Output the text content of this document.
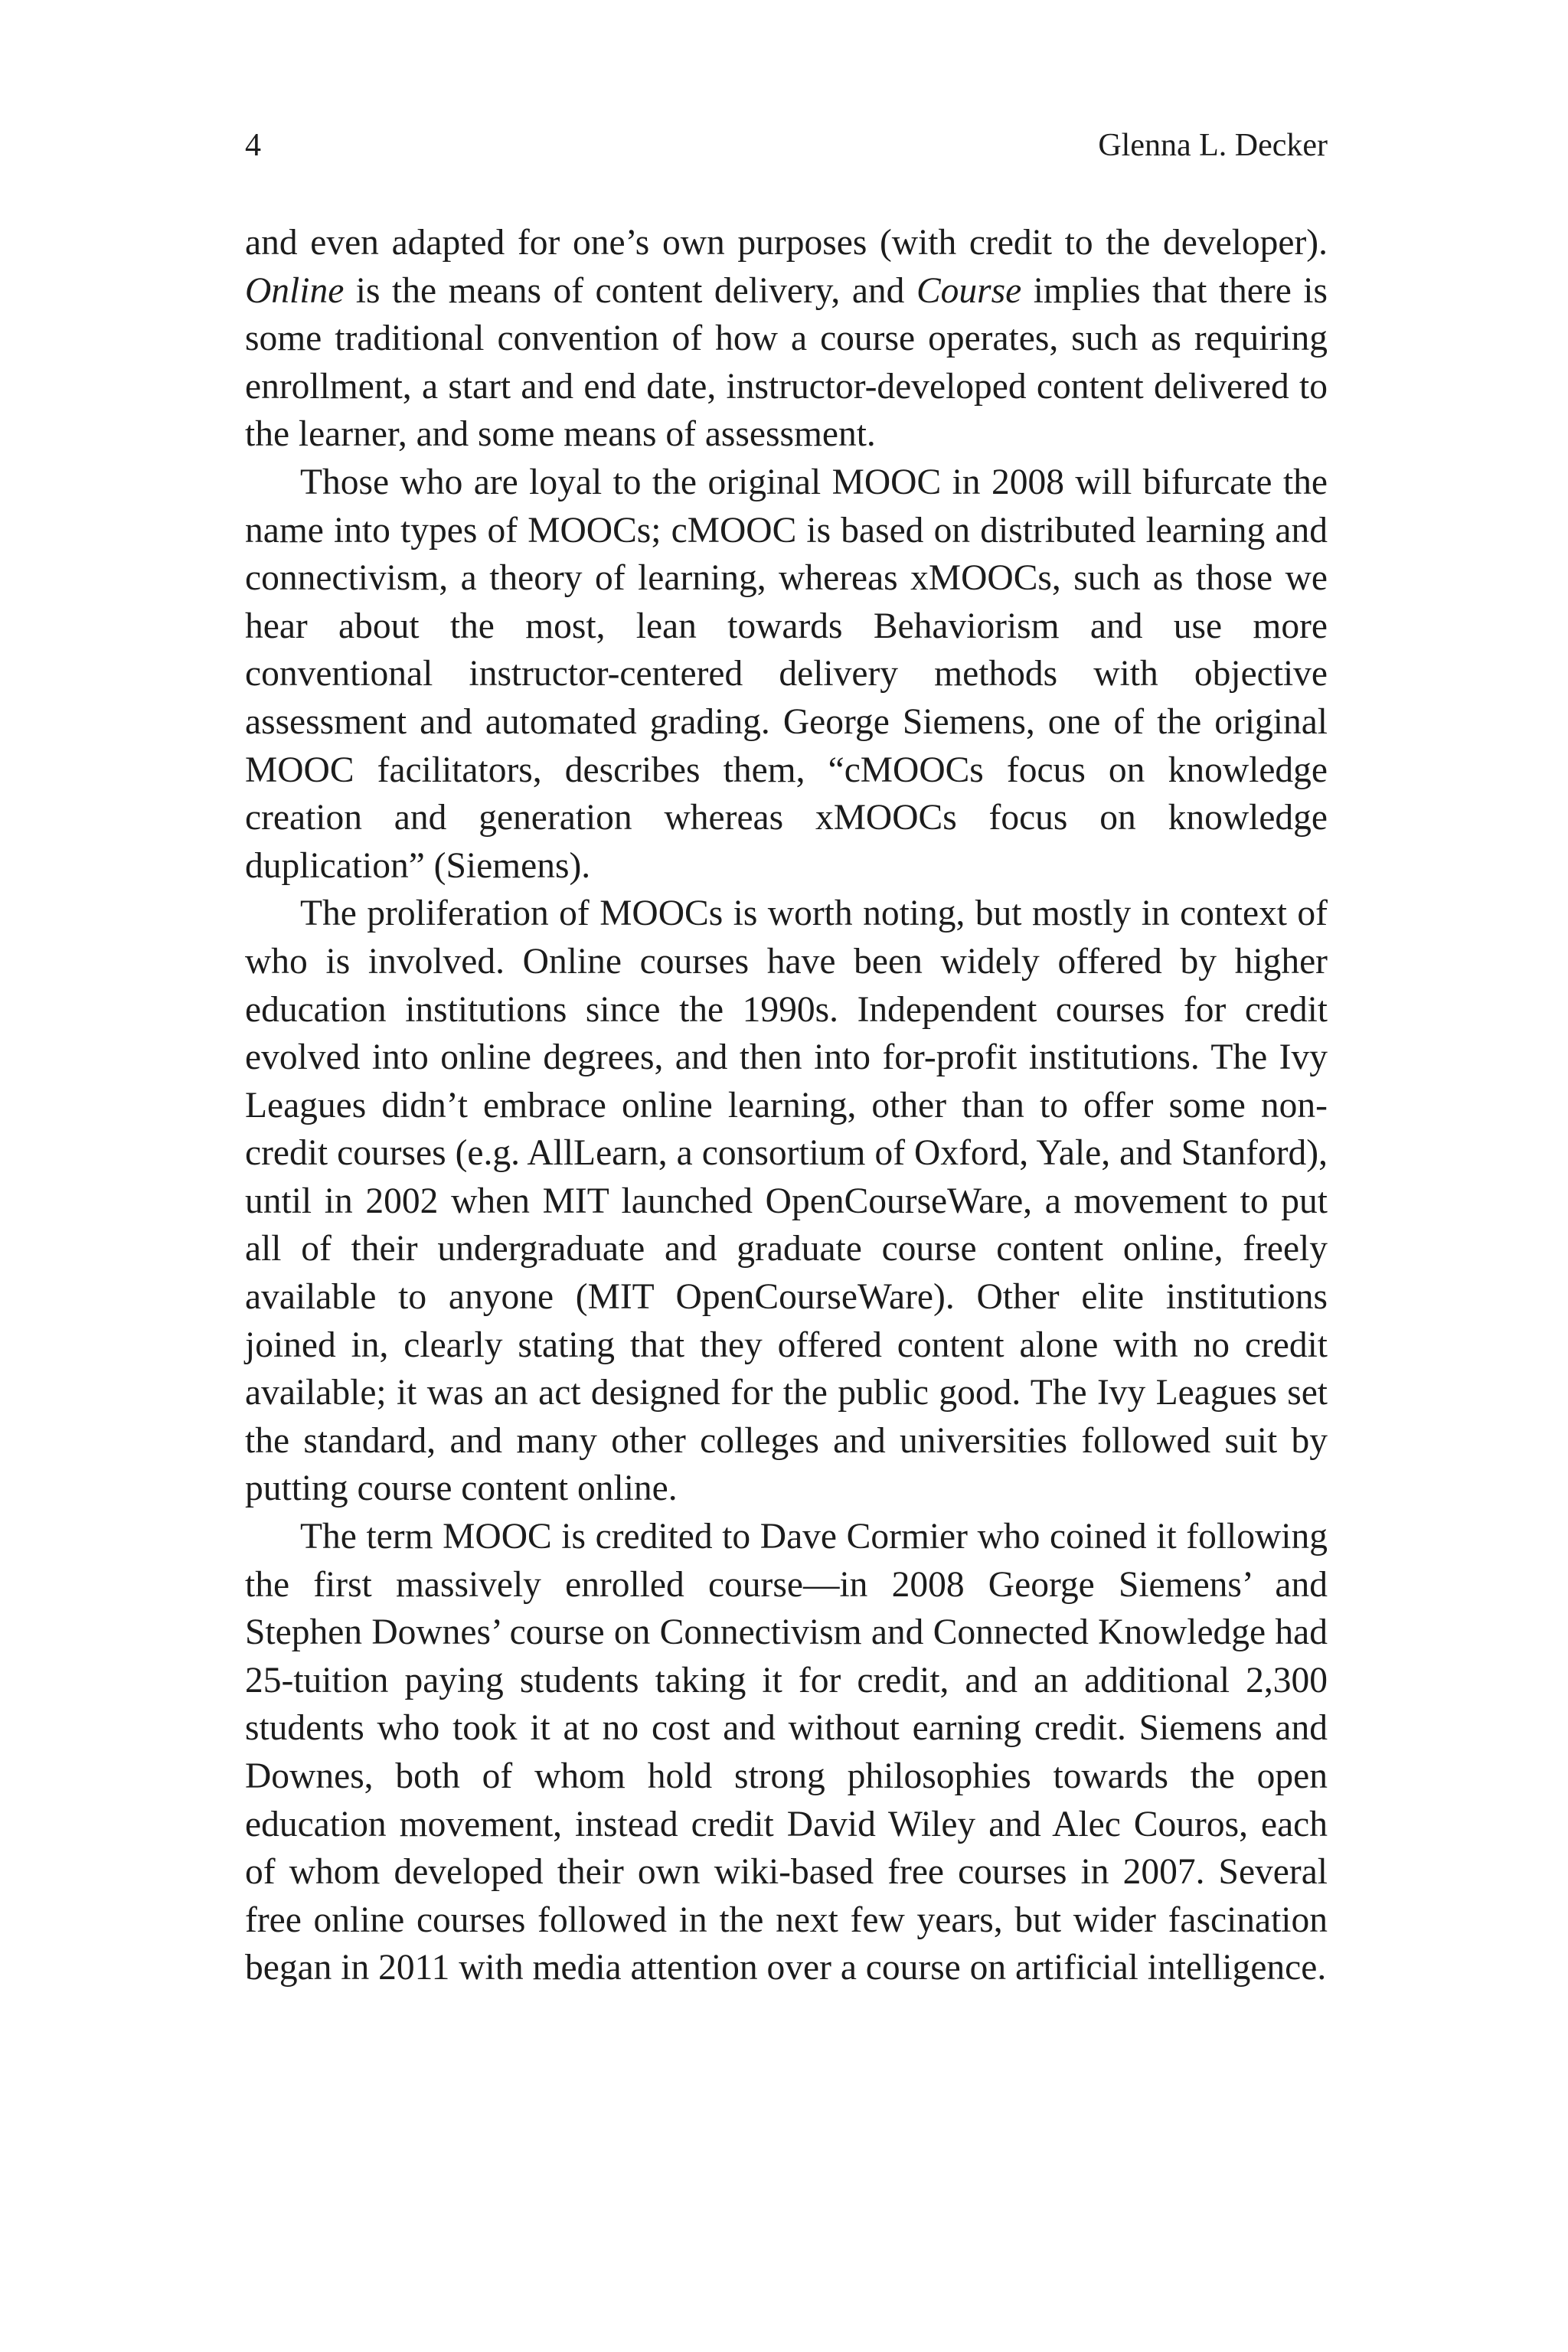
4	Glenna L. Decker

and even adapted for one’s own purposes (with credit to the developer). Online is the means of content delivery, and Course implies that there is some traditional convention of how a course operates, such as requiring enrollment, a start and end date, instructor-developed content delivered to the learner, and some means of assessment.

Those who are loyal to the original MOOC in 2008 will bifurcate the name into types of MOOCs; cMOOC is based on distributed learning and connectivism, a theory of learning, whereas xMOOCs, such as those we hear about the most, lean towards Behaviorism and use more conventional instructor-centered delivery methods with objective assessment and automated grading. George Siemens, one of the original MOOC facilitators, describes them, “cMOOCs focus on knowledge creation and generation whereas xMOOCs focus on knowledge duplication” (Siemens).

The proliferation of MOOCs is worth noting, but mostly in context of who is involved. Online courses have been widely offered by higher education institutions since the 1990s. Independent courses for credit evolved into online degrees, and then into for-profit institutions. The Ivy Leagues didn’t embrace online learning, other than to offer some non-credit courses (e.g. AllLearn, a consortium of Oxford, Yale, and Stanford), until in 2002 when MIT launched OpenCourseWare, a movement to put all of their undergraduate and graduate course content online, freely available to anyone (MIT OpenCourseWare). Other elite institutions joined in, clearly stating that they offered content alone with no credit available; it was an act designed for the public good. The Ivy Leagues set the standard, and many other colleges and universities followed suit by putting course content online.

The term MOOC is credited to Dave Cormier who coined it following the first massively enrolled course—in 2008 George Siemens’ and Stephen Downes’ course on Connectivism and Connected Knowledge had 25-tuition paying students taking it for credit, and an additional 2,300 students who took it at no cost and without earning credit. Siemens and Downes, both of whom hold strong philosophies towards the open education movement, instead credit David Wiley and Alec Couros, each of whom developed their own wiki-based free courses in 2007. Several free online courses followed in the next few years, but wider fascination began in 2011 with media attention over a course on artificial intelligence.
